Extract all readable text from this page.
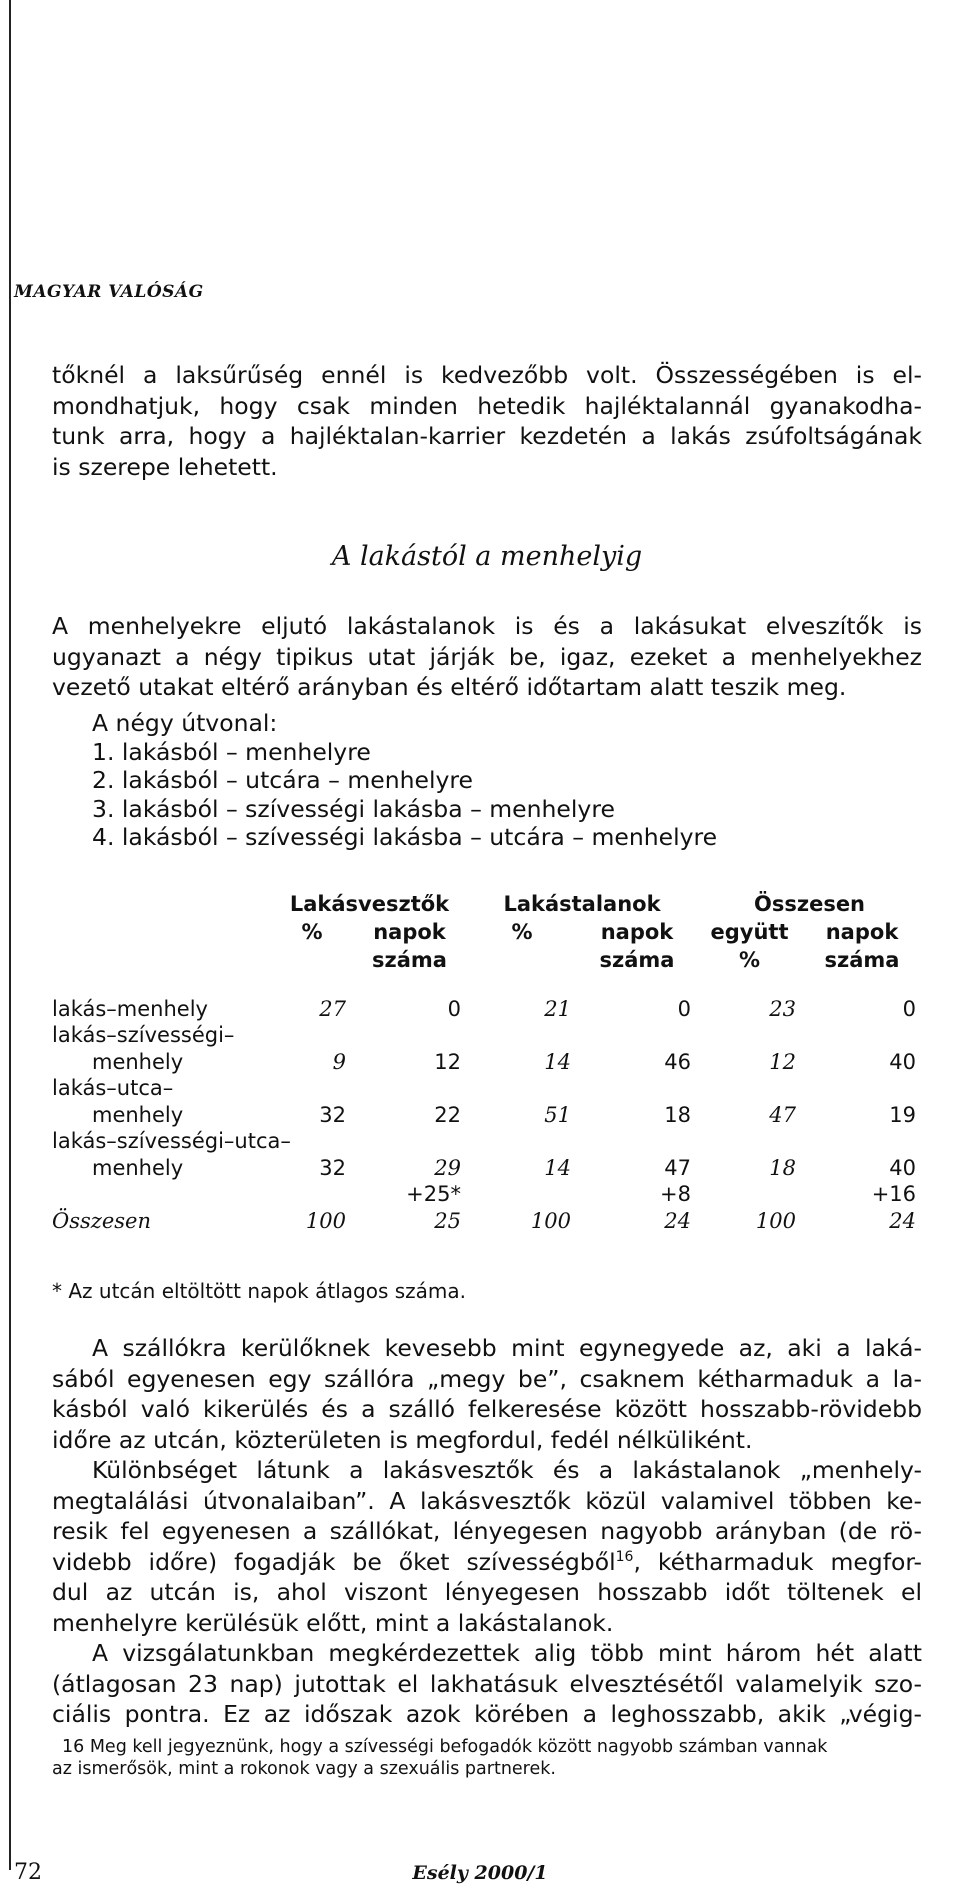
MAGYAR VALÓSÁG
tőknél a laksűrűség ennél is kedvezőbb volt. Összességében is el-
mondhatjuk, hogy csak minden hetedik hajléktalannál gyanakodha-
tunk arra, hogy a hajléktalan-karrier kezdetén a lakás zsúfoltságának
is szerepe lehetett.
A lakástól a menhelyig
A menhelyekre eljutó lakástalanok is és a lakásukat elveszítők is
ugyanazt a négy tipikus utat járják be, igaz, ezeket a menhelyekhez
vezető utakat eltérő arányban és eltérő időtartam alatt teszik meg.
A négy útvonal:
1. lakásból – menhelyre
2. lakásból – utcára – menhelyre
3. lakásból – szívességi lakásba – menhelyre
4. lakásból – szívességi lakásba – utcára – menhelyre
	Lakásvesztők		Lakástalanok		Összesen	
	%	napok	%	napok	együtt	napok
		száma		száma	%	száma

lakás–menhely	27	0	21	0	23	0
lakás–szívességi–						
menhely	9	12	14	46	12	40
lakás–utca–						
menhely	32	22	51	18	47	19
lakás–szívességi–utca–						
menhely	32	29	14	47	18	40
		+25*		+8		+16
Összesen	100	25	100	24	100	24
* Az utcán eltöltött napok átlagos száma.
A szállókra kerülőknek kevesebb mint egynegyede az, aki a laká-
sából egyenesen egy szállóra „megy be”, csaknem kétharmaduk a la-
kásból való kikerülés és a szálló felkeresése között hosszabb-rövidebb
időre az utcán, közterületen is megfordul, fedél nélküliként.
Különbséget látunk a lakásvesztők és a lakástalanok „menhely-
megtalálási útvonalaiban”. A lakásvesztők közül valamivel többen ke-
resik fel egyenesen a szállókat, lényegesen nagyobb arányban (de rö-
videbb időre) fogadják be őket szívességből$^{16}$, kétharmaduk megfor-
dul az utcán is, ahol viszont lényegesen hosszabb időt töltenek el
menhelyre kerülésük előtt, mint a lakástalanok.
A vizsgálatunkban megkérdezettek alig több mint három hét alatt
(átlagosan 23 nap) jutottak el lakhatásuk elvesztésétől valamelyik szo-
ciális pontra. Ez az időszak azok körében a leghosszabb, akik „végig-
16 Meg kell jegyeznünk, hogy a szívességi befogadók között nagyobb számban vannak
az ismerősök, mint a rokonok vagy a szexuális partnerek.
72	Esély 2000/1
